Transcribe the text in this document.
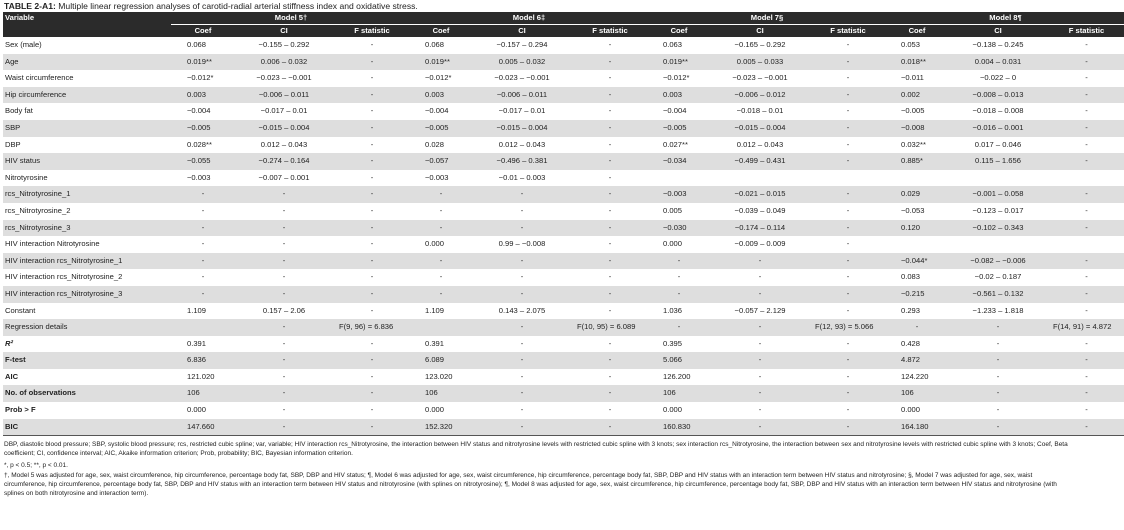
TABLE 2-A1: Multiple linear regression analyses of carotid-radial arterial stiffness index and oxidative stress.
Variable	Model 5†			Model 6‡			Model 7§			Model 8¶		
	Coef	CI	F statistic	Coef	CI	F statistic	Coef	CI	F statistic	Coef	CI	F statistic
Sex (male)	0.068	−0.155 – 0.292	-	0.068	−0.157 – 0.294	-	0.063	−0.165 – 0.292	-	0.053	−0.138 – 0.245	-
Age	0.019**	0.006 – 0.032	-	0.019**	0.005 – 0.032	-	0.019**	0.005 – 0.033	-	0.018**	0.004 – 0.031	-
Waist circumference	−0.012*	−0.023 – −0.001	-	−0.012*	−0.023 – −0.001	-	−0.012*	−0.023 – −0.001	-	−0.011	−0.022 – 0	-
Hip circumference	0.003	−0.006 – 0.011	-	0.003	−0.006 – 0.011	-	0.003	−0.006 – 0.012	-	0.002	−0.008 – 0.013	-
Body fat	−0.004	−0.017 – 0.01	-	−0.004	−0.017 – 0.01	-	−0.004	−0.018 – 0.01	-	−0.005	−0.018 – 0.008	-
SBP	−0.005	−0.015 – 0.004	-	−0.005	−0.015 – 0.004	-	−0.005	−0.015 – 0.004	-	−0.008	−0.016 – 0.001	-
DBP	0.028**	0.012 – 0.043	-	0.028	0.012 – 0.043	-	0.027**	0.012 – 0.043	-	0.032**	0.017 – 0.046	-
HIV status	−0.055	−0.274 – 0.164	-	−0.057	−0.496 – 0.381	-	−0.034	−0.499 – 0.431	-	0.885*	0.115 – 1.656	-
Nitrotyrosine	−0.003	−0.007 – 0.001	-	−0.003	−0.01 – 0.003	-						
rcs_Nitrotyrosine_1	-	-	-	-	-	-	−0.003	−0.021 – 0.015	-	0.029	−0.001 – 0.058	-
rcs_Nitrotyrosine_2	-	-	-	-	-	-	0.005	−0.039 – 0.049	-	−0.053	−0.123 – 0.017	-
rcs_Nitrotyrosine_3	-	-	-	-	-	-	−0.030	−0.174 – 0.114	-	0.120	−0.102 – 0.343	-
HIV interaction Nitrotyrosine	-	-	-	0.000	0.99 – −0.008	-	0.000	−0.009 – 0.009	-			
HIV interaction rcs_Nitrotyrosine_1	-	-	-	-	-	-	-	-	-	−0.044*	−0.082 – −0.006	-
HIV interaction rcs_Nitrotyrosine_2	-	-	-	-	-	-	-	-	-	0.083	−0.02 – 0.187	-
HIV interaction rcs_Nitrotyrosine_3	-	-	-	-	-	-	-	-	-	−0.215	−0.561 – 0.132	-
Constant	1.109	0.157 – 2.06	-	1.109	0.143 – 2.075	-	1.036	−0.057 – 2.129	-	0.293	−1.233 – 1.818	-
Regression details		-	F(9, 96) = 6.836		-	F(10, 95) = 6.089	-	-	F(12, 93) = 5.066	-	-	F(14, 91) = 4.872
R²	0.391	-	-	0.391	-	-	0.395	-	-	0.428	-	-
F-test	6.836	-	-	6.089	-	-	5.066	-	-	4.872	-	-
AIC	121.020	-	-	123.020	-	-	126.200	-	-	124.220	-	-
No. of observations	106	-	-	106	-	-	106	-	-	106	-	-
Prob > F	0.000	-	-	0.000	-	-	0.000	-	-	0.000	-	-
BIC	147.660	-	-	152.320	-	-	160.830	-	-	164.180	-	-

DBP, diastolic blood pressure; SBP, systolic blood pressure; rcs, restricted cubic spline; var, variable; HIV interaction rcs_Nitrotyrosine, the interaction between HIV status and nitrotyrosine levels with restricted cubic spline with 3 knots; sex interaction rcs_Nitrotyrosine, the interaction between sex and nitrotyrosine levels with restricted cubic spline with 3 knots; Coef, Beta coefficient; CI, confidence interval; AIC, Akaike information criterion; Prob, probability; BIC, Bayesian information criterion.

*, p < 0.5; **, p < 0.01.

†, Model 5 was adjusted for age, sex, waist circumference, hip circumference, percentage body fat, SBP, DBP and HIV status; ¶, Model 6 was adjusted for age, sex, waist circumference, hip circumference, percentage body fat, SBP, DBP and HIV status with an interaction term between HIV status and nitrotyrosine; §, Model 7 was adjusted for age, sex, waist circumference, hip circumference, percentage body fat, SBP, DBP and HIV status with an interaction term between HIV status and nitrotyrosine (with splines on nitrotyrosine); ¶, Model 8 was adjusted for age, sex, waist circumference, hip circumference, percentage body fat, SBP, DBP and HIV status with an interaction term between HIV status and nitrotyrosine (with splines on both nitrotyrosine and interaction term).
